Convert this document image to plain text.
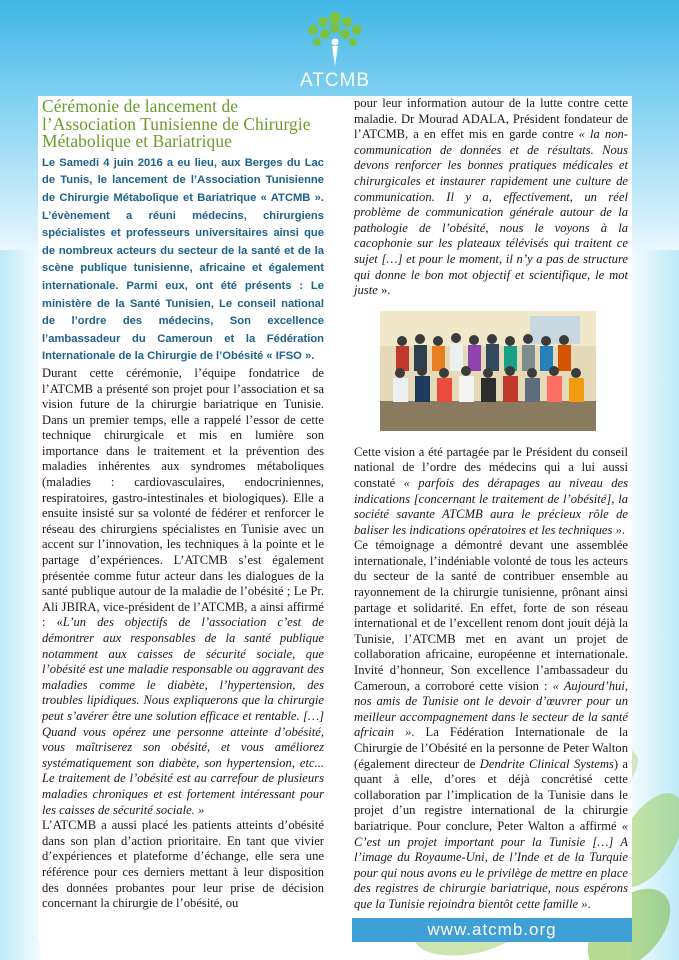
ATCMB
Cérémonie de lancement de l’Association Tunisienne de Chirurgie Métabolique et Bariatrique

Le Samedi 4 juin 2016 a eu lieu, aux Berges du Lac de Tunis, le lancement de l’Association Tunisienne de Chirurgie Métabolique et Bariatrique « ATCMB ». L’évènement a réuni médecins, chirurgiens spécialistes et professeurs universitaires ainsi que de nombreux acteurs du secteur de la santé et de la scène publique tunisienne, africaine et également internationale. Parmi eux, ont été présents : Le ministère de la Santé Tunisien, Le conseil national de l’ordre des médecins, Son excellence l’ambassadeur du Cameroun et la Fédération Internationale de la Chirurgie de l’Obésité « IFSO ».

Durant cette cérémonie, l’équipe fondatrice de l’ATCMB a présenté son projet pour l’association et sa vision future de la chirurgie bariatrique en Tunisie. Dans un premier temps, elle a rappelé l’essor de cette technique chirurgicale et mis en lumière son importance dans le traitement et la prévention des maladies inhérentes aux syndromes métaboliques (maladies : cardiovasculaires, endocriniennes, respiratoires, gastro-intestinales et biologiques). Elle a ensuite insisté sur sa volonté de fédérer et renforcer le réseau des chirurgiens spécialistes en Tunisie avec un accent sur l’innovation, les techniques à la pointe et le partage d’expériences. L’ATCMB s’est également présentée comme futur acteur dans les dialogues de la santé publique autour de la maladie de l’obésité ; Le Pr. Ali JBIRA, vice-président de l’ATCMB, a ainsi affirmé : «L’un des objectifs de l’association c’est de démontrer aux responsables de la santé publique notamment aux caisses de sécurité sociale, que l’obésité est une maladie responsable ou aggravant des maladies comme le diabète, l’hypertension, des troubles lipidiques. Nous expliquerons que la chirurgie peut s’avérer être une solution efficace et rentable. […] Quand vous opérez une personne atteinte d’obésité, vous maîtriserez son obésité, et vous améliorez systématiquement son diabète, son hypertension, etc... Le traitement de l’obésité est au carrefour de plusieurs maladies chroniques et est fortement intéressant pour les caisses de sécurité sociale. »

L’ATCMB a aussi placé les patients atteints d’obésité dans son plan d’action prioritaire. En tant que vivier d’expériences et plateforme d’échange, elle sera une référence pour ces derniers mettant à leur disposition des données probantes pour leur prise de décision concernant la chirurgie de l’obésité, ou

pour leur information autour de la lutte contre cette maladie. Dr Mourad ADALA, Président fondateur de l’ATCMB, a en effet mis en garde contre « la non-communication de données et de résultats. Nous devons renforcer les bonnes pratiques médicales et chirurgicales et instaurer rapidement une culture de communication. Il y a, effectivement, un réel problème de communication générale autour de la pathologie de l’obésité, nous le voyons à la cacophonie sur les plateaux télévisés qui traitent ce sujet […] et pour le moment, il n’y a pas de structure qui donne le bon mot objectif et scientifique, le mot juste ».

Cette vision a été partagée par le Président du conseil national de l’ordre des médecins qui a lui aussi constaté « parfois des dérapages au niveau des indications [concernant le traitement de l’obésité], la société savante ATCMB aura le précieux rôle de baliser les indications opératoires et les techniques ».

Ce témoignage a démontré devant une assemblée internationale, l’indéniable volonté de tous les acteurs du secteur de la santé de contribuer ensemble au rayonnement de la chirurgie tunisienne, prônant ainsi partage et solidarité. En effet, forte de son réseau international et de l’excellent renom dont jouit déjà la Tunisie, l’ATCMB met en avant un projet de collaboration africaine, européenne et internationale. Invité d’honneur, Son excellence l’ambassadeur du Cameroun, a corroboré cette vision : « Aujourd’hui, nos amis de Tunisie ont le devoir d’œuvrer pour un meilleur accompagnement dans le secteur de la santé africain ». La Fédération Internationale de la Chirurgie de l’Obésité en la personne de Peter Walton (également directeur de Dendrite Clinical Systems) a quant à elle, d’ores et déjà concrétisé cette collaboration par l’implication de la Tunisie dans le projet d’un registre international de la chirurgie bariatrique. Pour conclure, Peter Walton a affirmé « C’est un projet important pour la Tunisie […] A l’image du Royaume-Uni, de l’Inde et de la Turquie pour qui nous avons eu le privilège de mettre en place des registres de chirurgie bariatrique, nous espérons que la Tunisie rejoindra bientôt cette famille ».

www.atcmb.org
